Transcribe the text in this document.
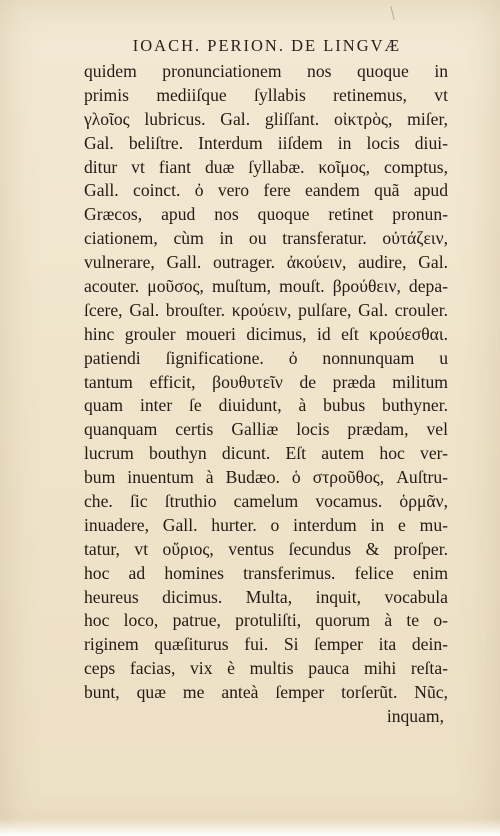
IOACH. PERION. DE LINGVÆ
quidem pronunciationem nos quoque in
primis mediiſque ſyllabis retinemus, vt
γλοῖος lubricus. Gal. gliſſant. οἰκτρὸς, miſer,
Gal. beliſtre. Interdum iiſdem in locis diui-
ditur vt fiant duæ ſyllabæ. κοῖμος, comptus,
Gall. coinct. ὀ vero fere eandem quã apud
Græcos, apud nos quoque retinet pronun-
ciationem, cùm in ou transferatur. οὐτάζειν,
vulnerare, Gall. outrager. ἀκούειν, audire, Gal.
acouter. μοῦσος, muſtum, mouſt. βρούθειν, depa-
ſcere, Gal. brouſter. κρούειν, pulſare, Gal. crouler.
hinc grouler moueri dicimus, id eſt κρούεσθαι.
patiendi ſignificatione. ὀ nonnunquam u
tantum efficit, βουθυτεῖν de præda militum
quam inter ſe diuidunt, à bubus buthyner.
quanquam certis Galliæ locis prædam, vel
lucrum bouthyn dicunt. Eſt autem hoc ver-
bum inuentum à Budæo. ὁ στροῦθος, Auſtru-
che. ſic ſtruthio camelum vocamus. ὁρμᾶν,
inuadere, Gall. hurter. o interdum in e mu-
tatur, vt οὔριος, ventus ſecundus & proſper.
hoc ad homines transferimus. felice enim
heureus dicimus. Multa, inquit, vocabula
hoc loco, patrue, protuliſti, quorum à te o-
riginem quæſiturus fui. Si ſemper ita dein-
ceps facias, vix è multis pauca mihi reſta-
bunt, quæ me anteà ſemper torſerũt. Nũc,
inquam,
